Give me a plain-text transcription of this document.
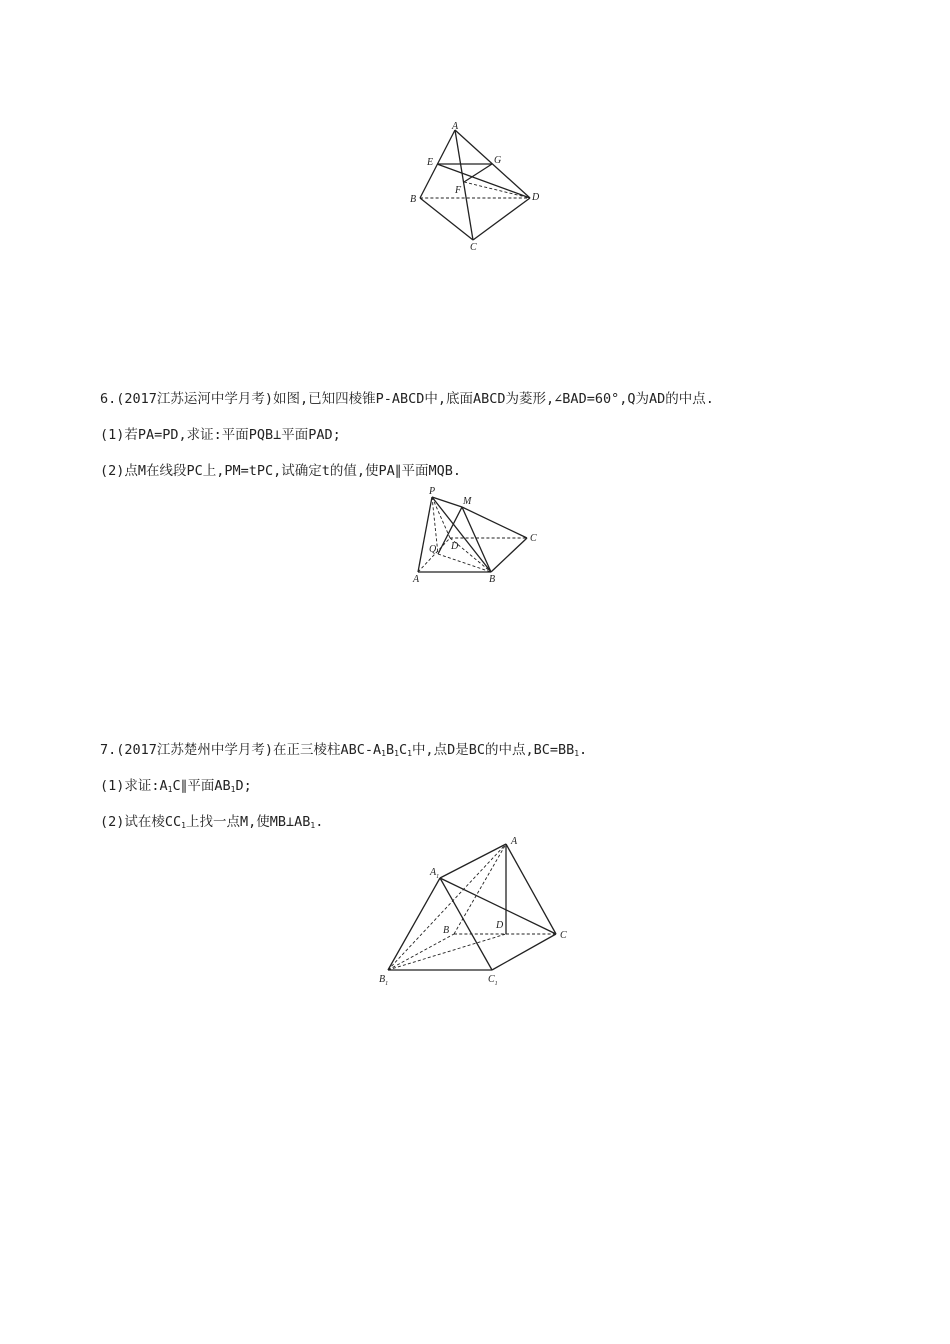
A
E	G
F
B	D
C
6.(2017江苏运河中学月考)如图,已知四棱锥P-ABCD中,底面ABCD为菱形,∠BAD=60°,Q为AD的中点.
(1)若PA=PD,求证:平面PQB⊥平面PAD;
(2)点M在线段PC上,PM=tPC,试确定t的值,使PA∥平面MQB.
P
M
C
D
Q
A	B
7.(2017江苏楚州中学月考)在正三棱柱ABC-$A_1B_1C_1$中,点D是BC的中点$,BC=BB_1$.
(1)求证$:A_1C\parallel$平面$AB_1D$;
(2)试在棱$CC_1$上找一点M,使$MB\perp AB_1$.
A
$A_1$
B	D
C
$B_1$	$C_1$
